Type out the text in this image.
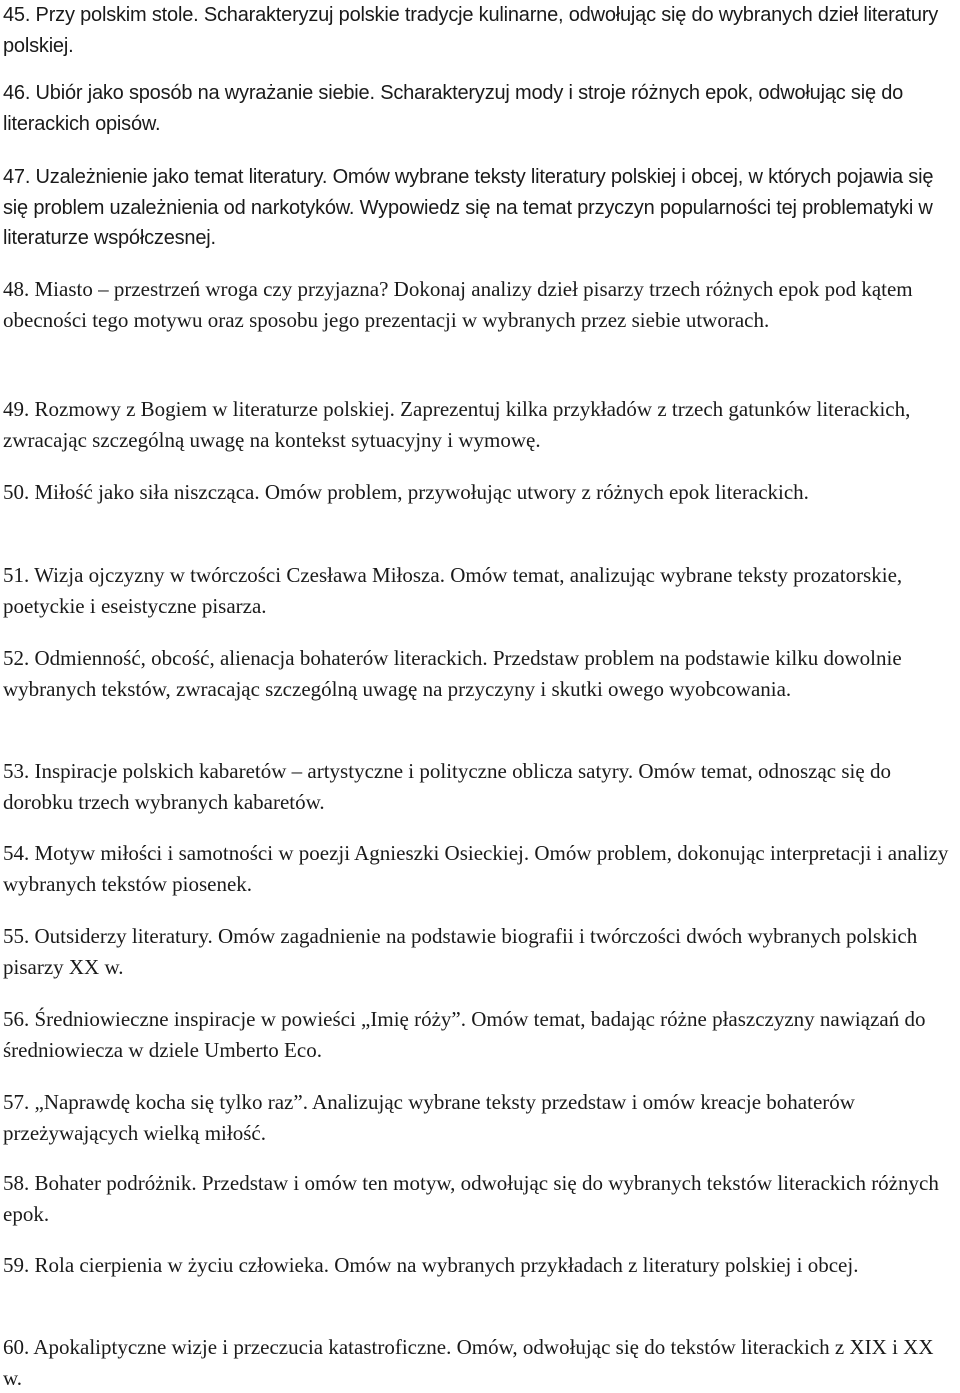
45. Przy polskim stole. Scharakteryzuj polskie tradycje kulinarne, odwołując się do wybranych dzieł literatury polskiej.

46. Ubiór jako sposób na wyrażanie siebie. Scharakteryzuj mody i stroje różnych epok, odwołując się do literackich opisów.

47. Uzależnienie jako temat literatury. Omów wybrane teksty literatury polskiej i obcej, w których pojawia się się problem uzależnienia od narkotyków. Wypowiedz się na temat przyczyn popularności tej problematyki w literaturze współczesnej.

48. Miasto – przestrzeń wroga czy przyjazna? Dokonaj analizy dzieł pisarzy trzech różnych epok pod kątem obecności tego motywu oraz sposobu jego prezentacji w wybranych przez siebie utworach.

49. Rozmowy z Bogiem w literaturze polskiej. Zaprezentuj kilka przykładów z trzech gatunków literackich, zwracając szczególną uwagę na kontekst sytuacyjny i wymowę.

50. Miłość jako siła niszcząca. Omów problem, przywołując utwory z różnych epok literackich.

51. Wizja ojczyzny w twórczości Czesława Miłosza. Omów temat, analizując wybrane teksty prozatorskie, poetyckie i eseistyczne pisarza.

52. Odmienność, obcość, alienacja bohaterów literackich. Przedstaw problem na podstawie kilku dowolnie wybranych tekstów, zwracając szczególną uwagę na przyczyny i skutki owego wyobcowania.

53. Inspiracje polskich kabaretów – artystyczne i polityczne oblicza satyry. Omów temat, odnosząc się do dorobku trzech wybranych kabaretów.

54. Motyw miłości i samotności w poezji Agnieszki Osieckiej. Omów problem, dokonując interpretacji i analizy wybranych tekstów piosenek.

55. Outsiderzy literatury. Omów zagadnienie na podstawie biografii i twórczości dwóch wybranych polskich pisarzy XX w.

56. Średniowieczne inspiracje w powieści „Imię róży”. Omów temat, badając różne płaszczyzny nawiązań do średniowiecza w dziele Umberto Eco.

57. „Naprawdę kocha się tylko raz”. Analizując wybrane teksty przedstaw i omów kreacje bohaterów przeżywających wielką miłość.

58. Bohater podróżnik. Przedstaw i omów ten motyw, odwołując się do wybranych tekstów literackich różnych epok.

59. Rola cierpienia w życiu człowieka. Omów na wybranych przykładach z literatury polskiej i obcej.

60. Apokaliptyczne wizje i przeczucia katastroficzne. Omów, odwołując się do tekstów literackich z XIX i XX w.
